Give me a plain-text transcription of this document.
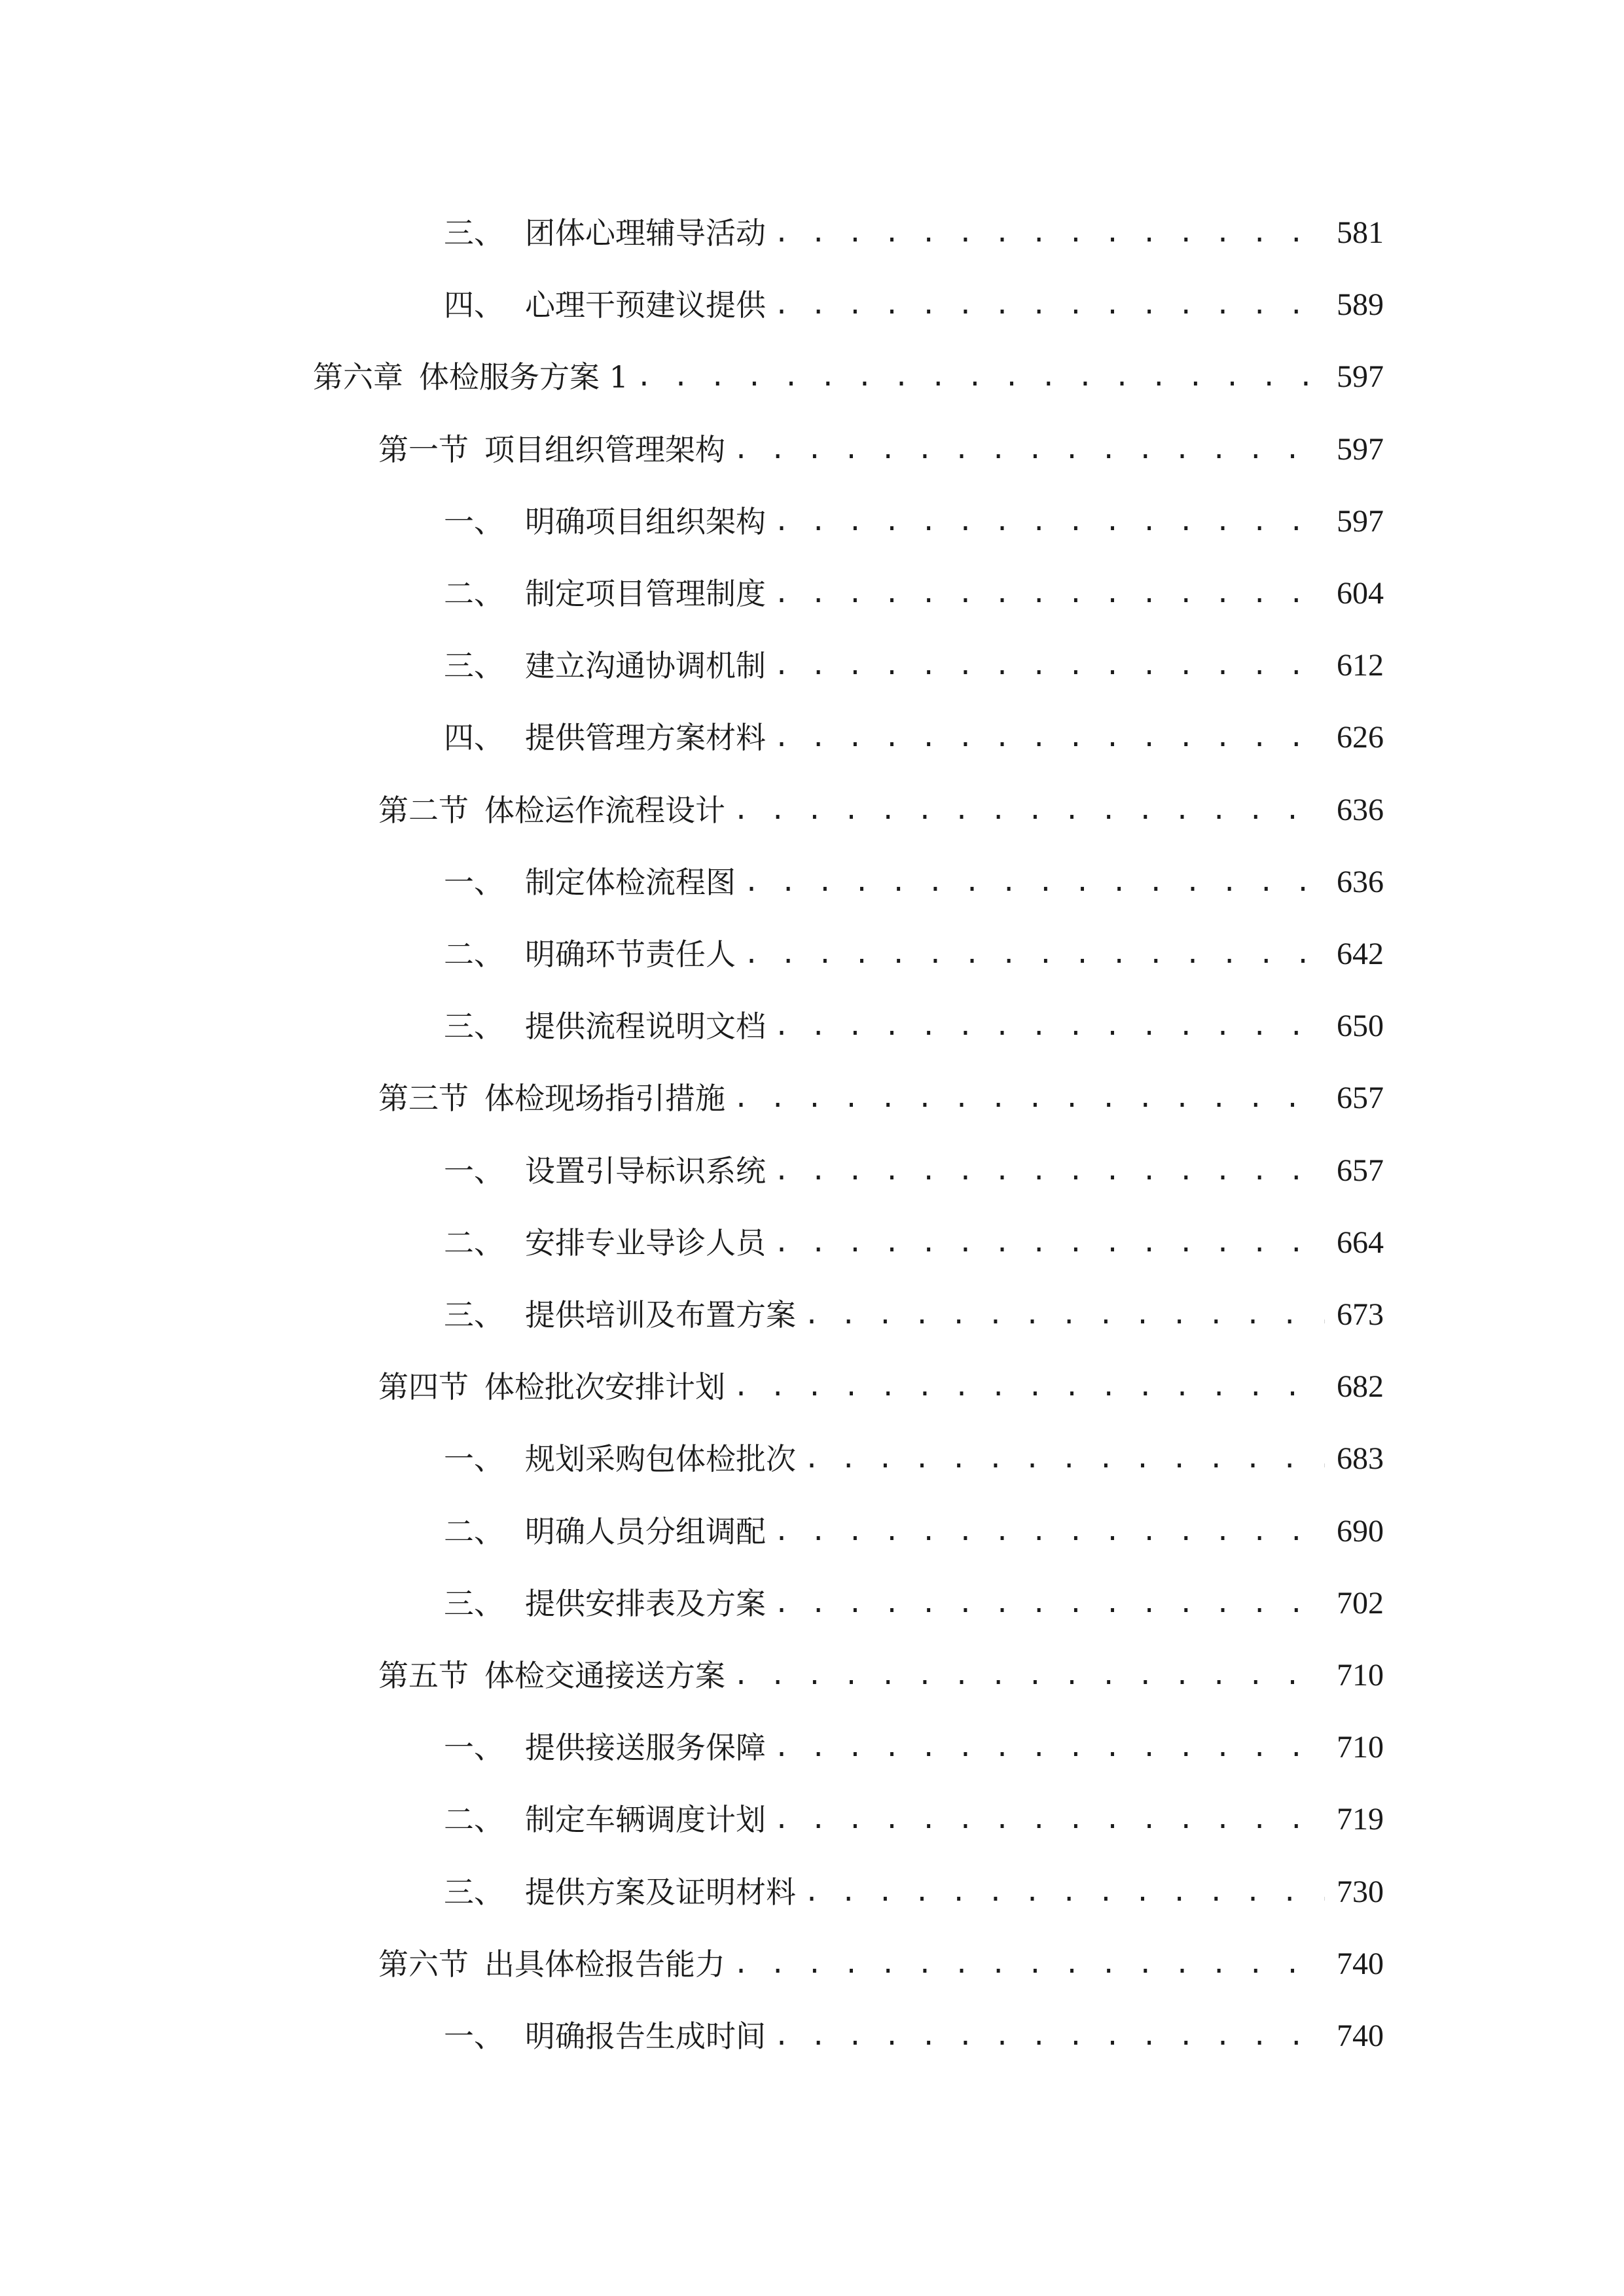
三、 团体心理辅导活动 . . .	581
四、 心理干预建议提供 . . .	589
第六章 体检服务方案 1 . . .	597
第一节 项目组织管理架构 . . .	597
一、 明确项目组织架构 . . .	597
二、 制定项目管理制度 . . .	604
三、 建立沟通协调机制 . . .	612
四、 提供管理方案材料 . . .	626
第二节 体检运作流程设计 . . .	636
一、 制定体检流程图 . . .	636
二、 明确环节责任人 . . .	642
三、 提供流程说明文档 . . .	650
第三节 体检现场指引措施 . . .	657
一、 设置引导标识系统 . . .	657
二、 安排专业导诊人员 . . .	664
三、 提供培训及布置方案 . . .	673
第四节 体检批次安排计划 . . .	682
一、 规划采购包体检批次 . . .	683
二、 明确人员分组调配 . . .	690
三、 提供安排表及方案 . . .	702
第五节 体检交通接送方案 . . .	710
一、 提供接送服务保障 . . .	710
二、 制定车辆调度计划 . . .	719
三、 提供方案及证明材料 . . .	730
第六节 出具体检报告能力 . . .	740
一、 明确报告生成时间 . . .	740
